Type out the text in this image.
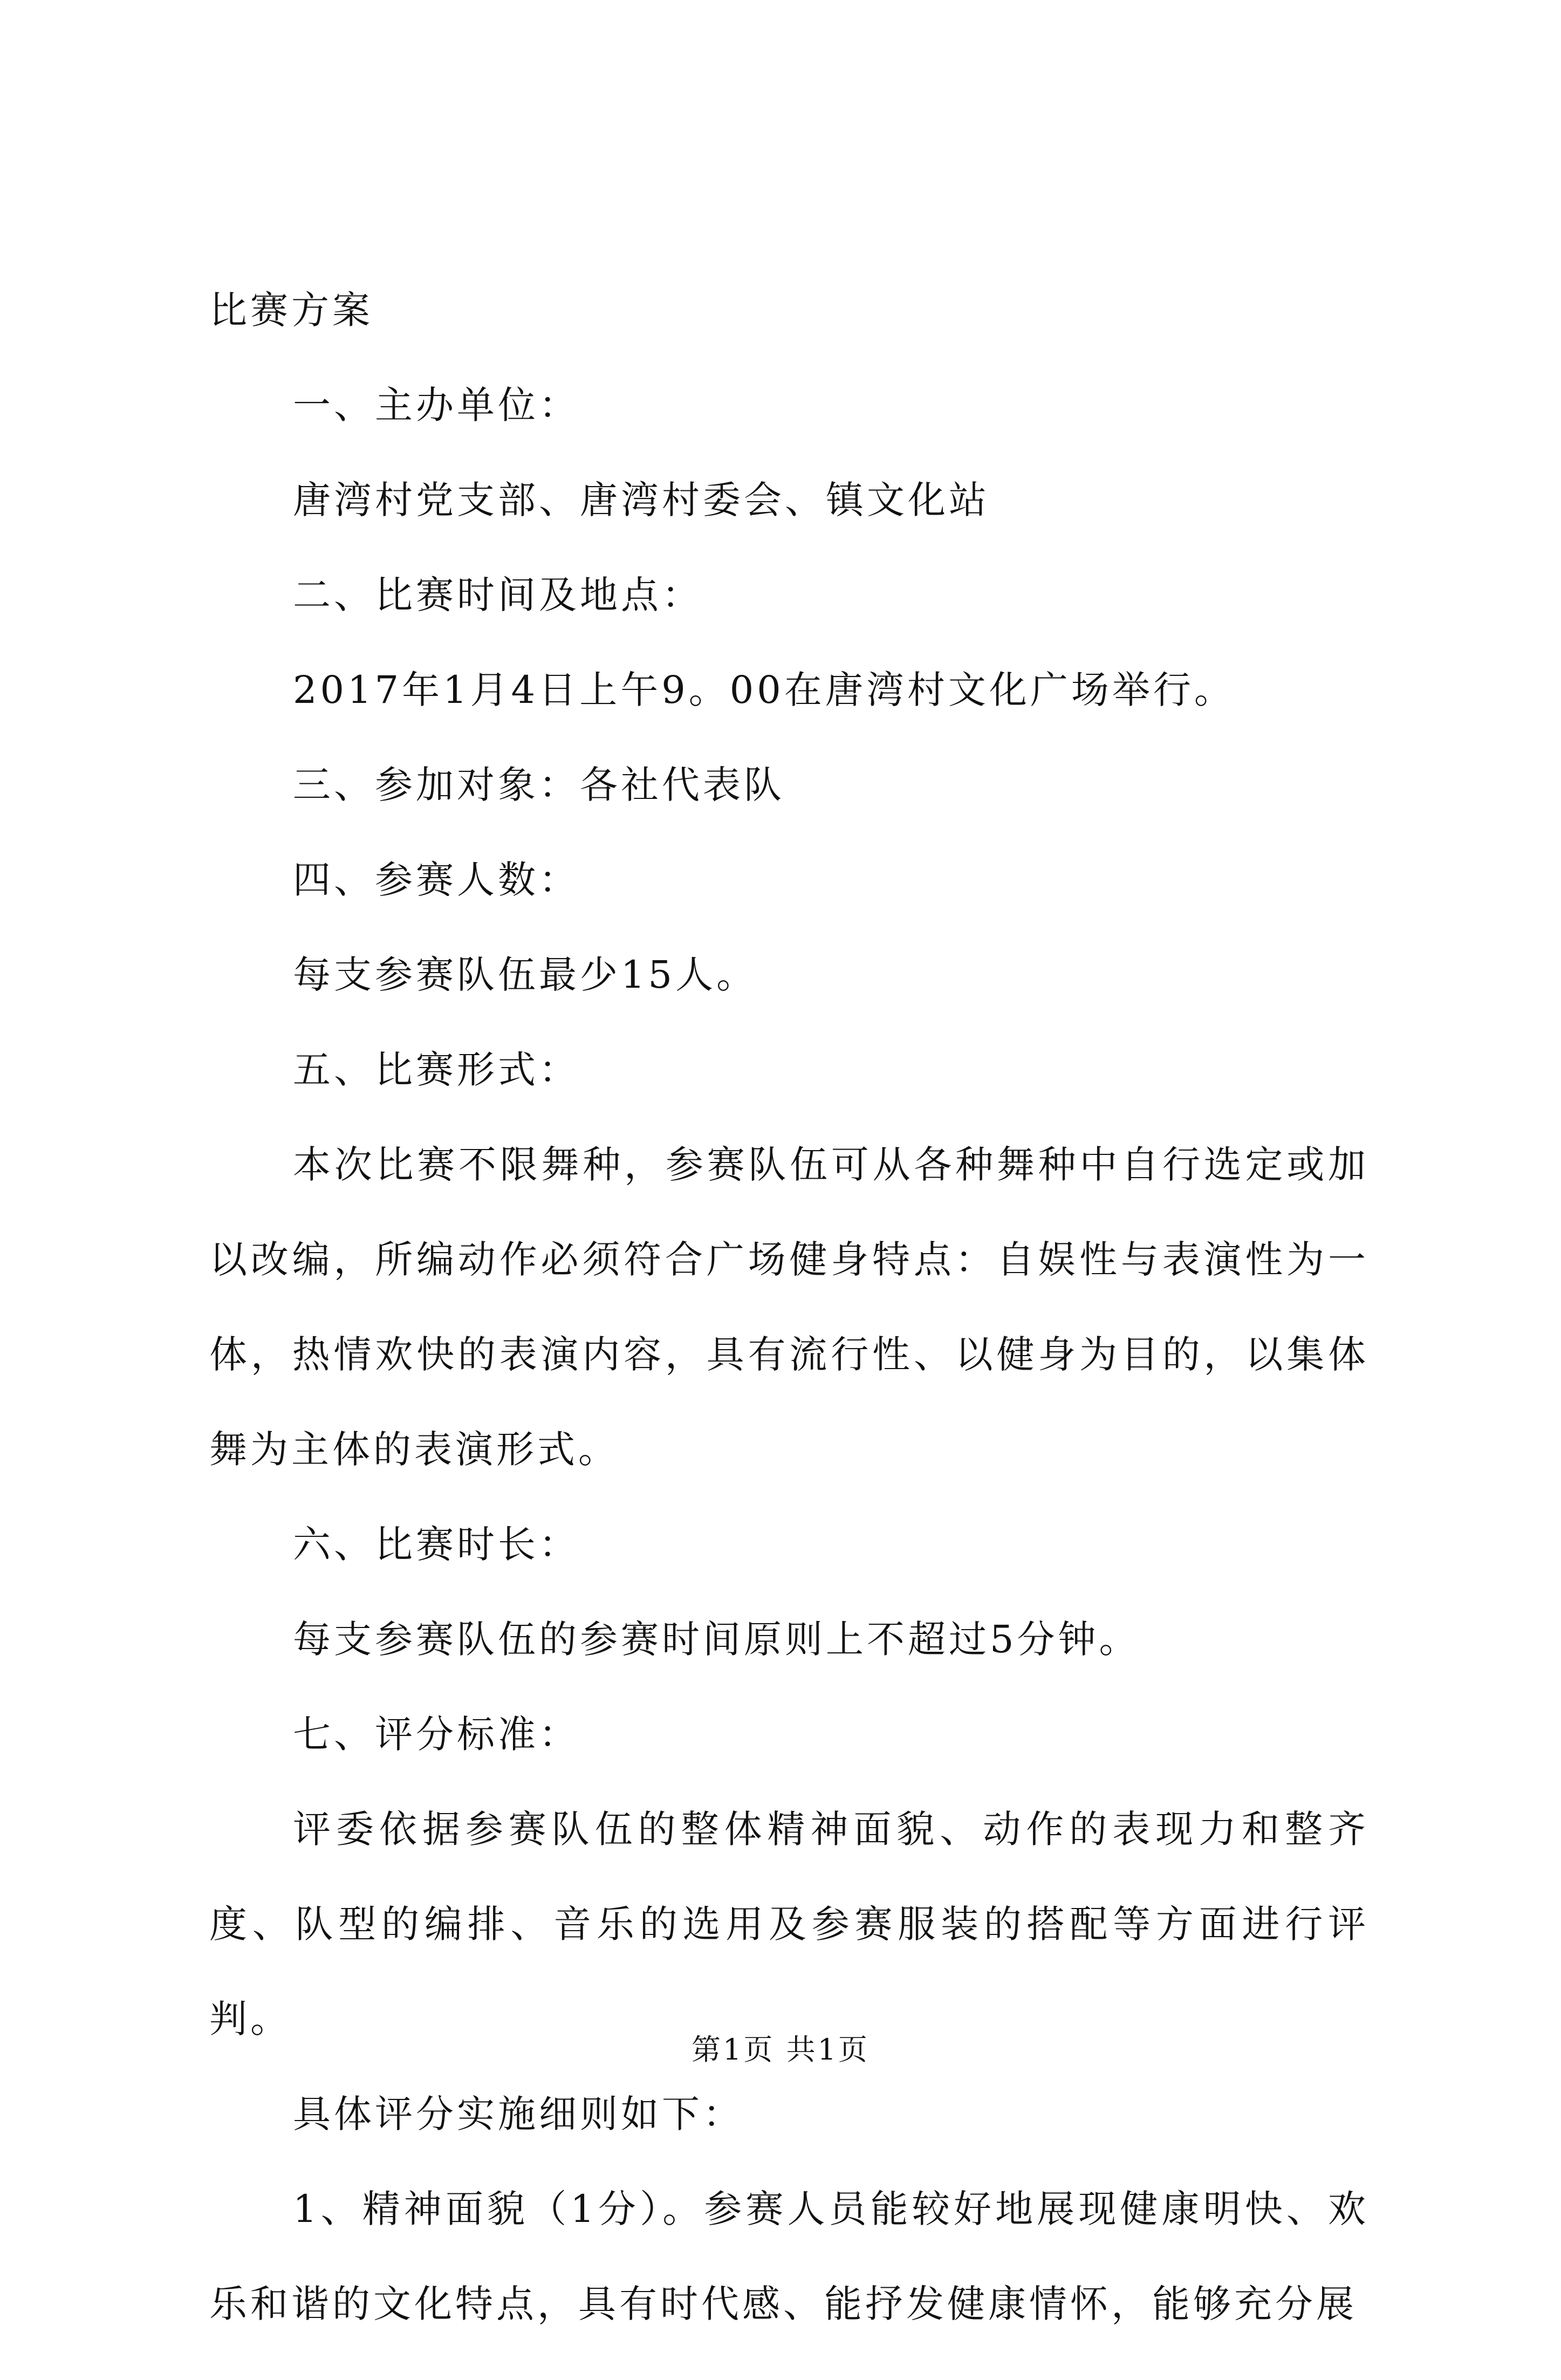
比赛方案
一、主办单位：
唐湾村党支部、唐湾村委会、镇文化站
二、比赛时间及地点：
2017年1月4日上午9。00在唐湾村文化广场举行。
三、参加对象：各社代表队
四、参赛人数：
每支参赛队伍最少15人。
五、比赛形式：
本次比赛不限舞种，参赛队伍可从各种舞种中自行选定或加以改编，所编动作必须符合广场健身特点：自娱性与表演性为一体，热情欢快的表演内容，具有流行性、以健身为目的，以集体舞为主体的表演形式。
六、比赛时长：
每支参赛队伍的参赛时间原则上不超过5分钟。
七、评分标准：
评委依据参赛队伍的整体精神面貌、动作的表现力和整齐度、队型的编排、音乐的选用及参赛服装的搭配等方面进行评判。
具体评分实施细则如下：
1、精神面貌（1分）。参赛人员能较好地展现健康明快、欢乐和谐的文化特点，具有时代感、能抒发健康情怀，能够充分展
第1页 共1页
